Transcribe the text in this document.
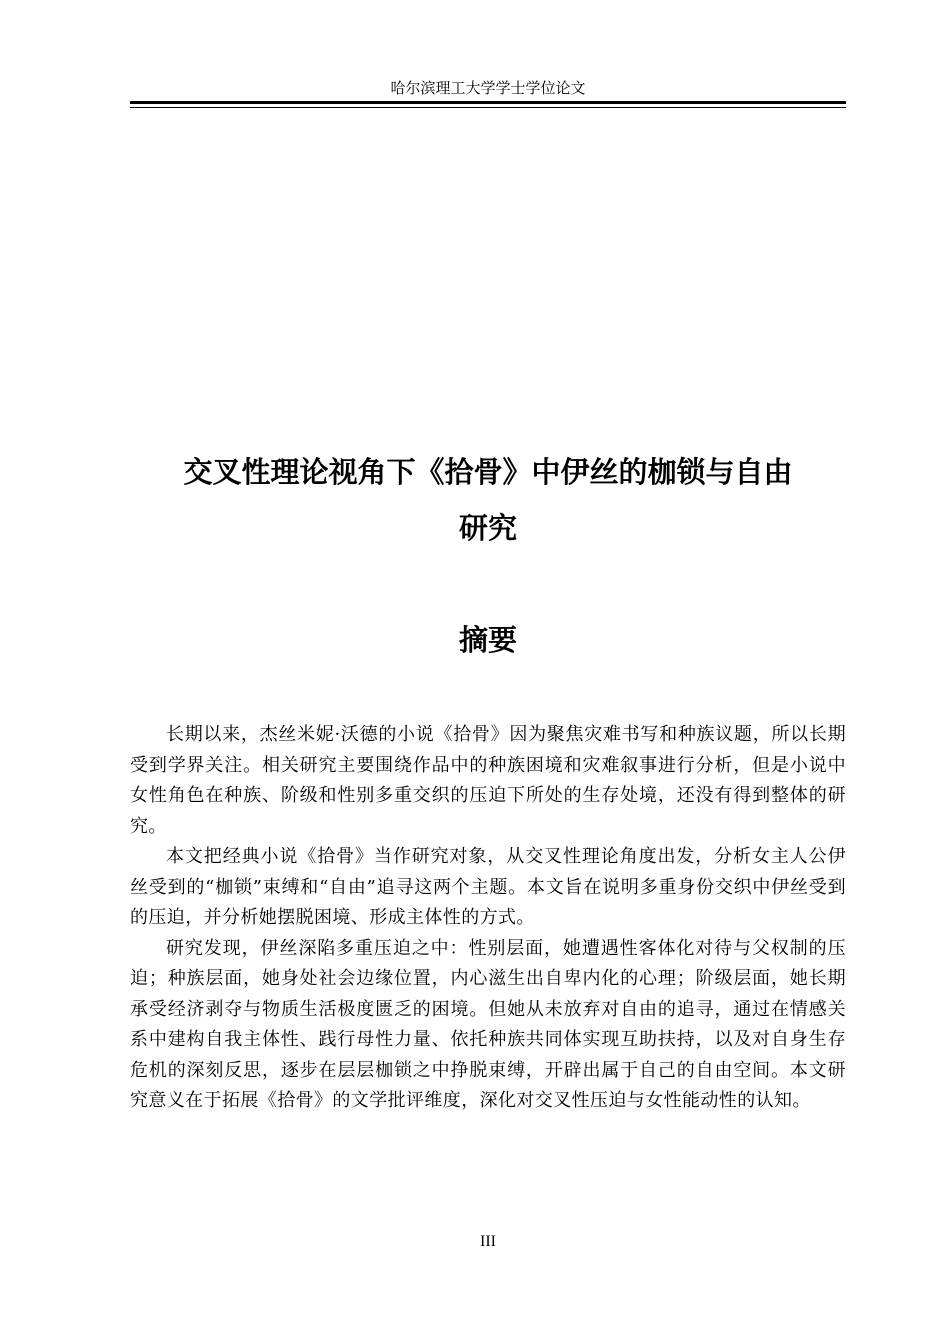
哈尔滨理工大学学士学位论文
交叉性理论视角下《拾骨》中伊丝的枷锁与自由
研究
摘要

长期以来，杰丝米妮·沃德的小说《拾骨》因为聚焦灾难书写和种族议题，所以长期受到学界关注。相关研究主要围绕作品中的种族困境和灾难叙事进行分析，但是小说中女性角色在种族、阶级和性别多重交织的压迫下所处的生存处境，还没有得到整体的研究。

本文把经典小说《拾骨》当作研究对象，从交叉性理论角度出发，分析女主人公伊丝受到的“枷锁”束缚和“自由”追寻这两个主题。本文旨在说明多重身份交织中伊丝受到的压迫，并分析她摆脱困境、形成主体性的方式。

研究发现，伊丝深陷多重压迫之中：性别层面，她遭遇性客体化对待与父权制的压迫；种族层面，她身处社会边缘位置，内心滋生出自卑内化的心理；阶级层面，她长期承受经济剥夺与物质生活极度匮乏的困境。但她从未放弃对自由的追寻，通过在情感关系中建构自我主体性、践行母性力量、依托种族共同体实现互助扶持，以及对自身生存危机的深刻反思，逐步在层层枷锁之中挣脱束缚，开辟出属于自己的自由空间。本文研究意义在于拓展《拾骨》的文学批评维度，深化对交叉性压迫与女性能动性的认知。

III
